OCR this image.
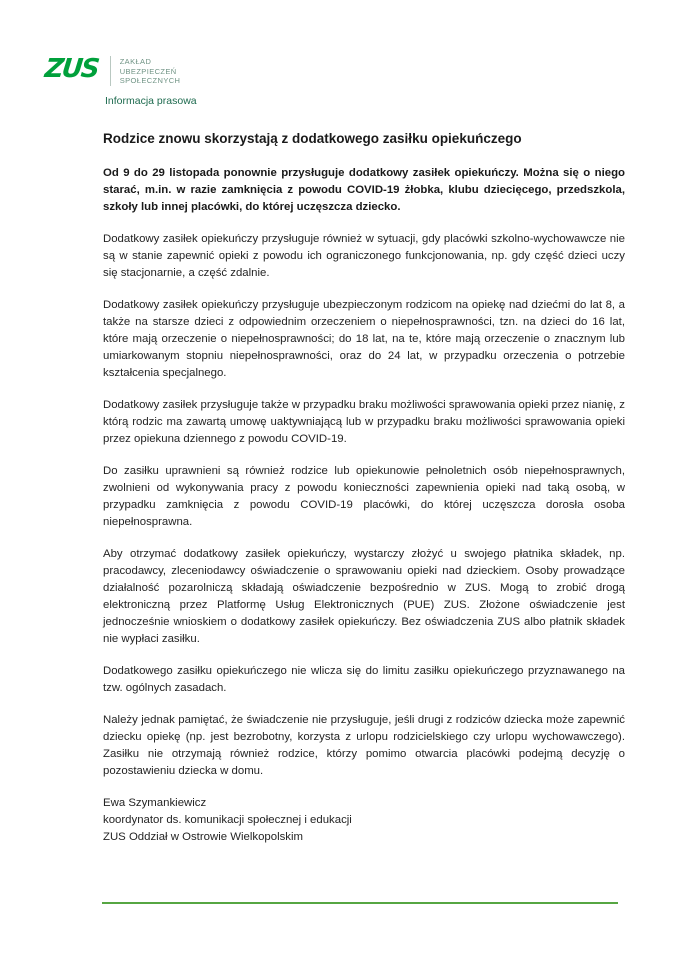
ZUS	ZAKŁAD
UBEZPIECZEŃ
SPOŁECZNYCH
Informacja prasowa
Rodzice znowu skorzystają z dodatkowego zasiłku opiekuńczego

Od 9 do 29 listopada ponownie przysługuje dodatkowy zasiłek opiekuńczy. Można się o niego starać, m.in. w razie zamknięcia z powodu COVID-19 żłobka, klubu dziecięcego, przedszkola, szkoły lub innej placówki, do której uczęszcza dziecko.

Dodatkowy zasiłek opiekuńczy przysługuje również w sytuacji, gdy placówki szkolno-wychowawcze nie są w stanie zapewnić opieki z powodu ich ograniczonego funkcjonowania, np. gdy część dzieci uczy się stacjonarnie, a część zdalnie.

Dodatkowy zasiłek opiekuńczy przysługuje ubezpieczonym rodzicom na opiekę nad dziećmi do lat 8, a także na starsze dzieci z odpowiednim orzeczeniem o niepełnosprawności, tzn. na dzieci do 16 lat, które mają orzeczenie o niepełnosprawności; do 18 lat, na te, które mają orzeczenie o znacznym lub umiarkowanym stopniu niepełnosprawności, oraz do 24 lat, w przypadku orzeczenia o potrzebie kształcenia specjalnego.

Dodatkowy zasiłek przysługuje także w przypadku braku możliwości sprawowania opieki przez nianię, z którą rodzic ma zawartą umowę uaktywniającą lub w przypadku braku możliwości sprawowania opieki przez opiekuna dziennego z powodu COVID-19.

Do zasiłku uprawnieni są również rodzice lub opiekunowie pełnoletnich osób niepełnosprawnych, zwolnieni od wykonywania pracy z powodu konieczności zapewnienia opieki nad taką osobą, w przypadku zamknięcia z powodu COVID-19 placówki, do której uczęszcza dorosła osoba niepełnosprawna.

Aby otrzymać dodatkowy zasiłek opiekuńczy, wystarczy złożyć u swojego płatnika składek, np. pracodawcy, zleceniodawcy oświadczenie o sprawowaniu opieki nad dzieckiem. Osoby prowadzące działalność pozarolniczą składają oświadczenie bezpośrednio w ZUS. Mogą to zrobić drogą elektroniczną przez Platformę Usług Elektronicznych (PUE) ZUS. Złożone oświadczenie jest jednocześnie wnioskiem o dodatkowy zasiłek opiekuńczy. Bez oświadczenia ZUS albo płatnik składek nie wypłaci zasiłku.

Dodatkowego zasiłku opiekuńczego nie wlicza się do limitu zasiłku opiekuńczego przyznawanego na tzw. ogólnych zasadach.

Należy jednak pamiętać, że świadczenie nie przysługuje, jeśli drugi z rodziców dziecka może zapewnić dziecku opiekę (np. jest bezrobotny, korzysta z urlopu rodzicielskiego czy urlopu wychowawczego). Zasiłku nie otrzymają również rodzice, którzy pomimo otwarcia placówki podejmą decyzję o pozostawieniu dziecka w domu.

Ewa Szymankiewicz
koordynator ds. komunikacji społecznej i edukacji
ZUS Oddział w Ostrowie Wielkopolskim
